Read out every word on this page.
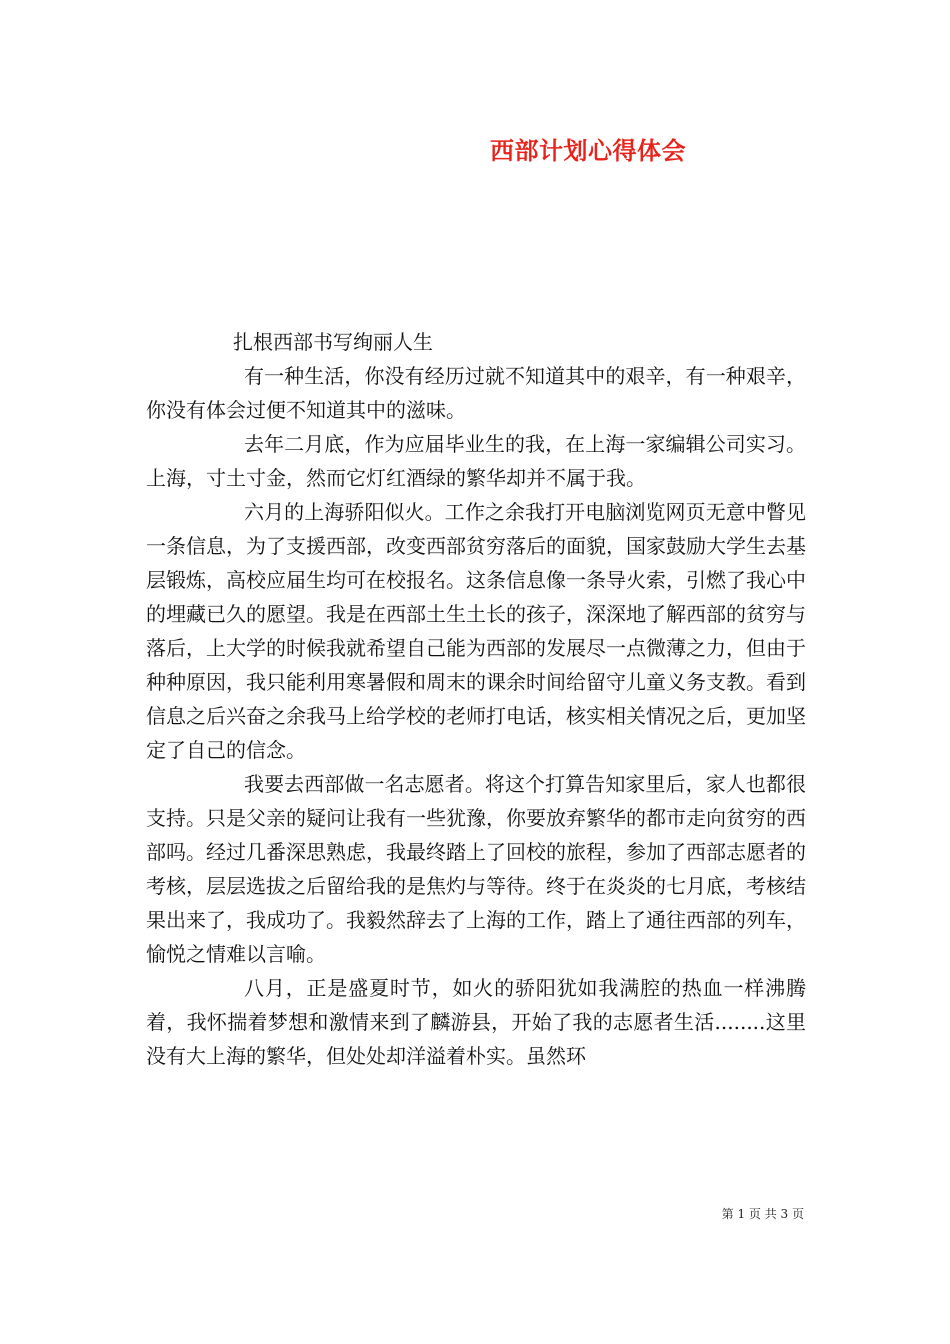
西部计划心得体会

扎根西部书写绚丽人生

有一种生活，你没有经历过就不知道其中的艰辛，有一种艰辛，你没有体会过便不知道其中的滋味。

去年二月底，作为应届毕业生的我，在上海一家编辑公司实习。上海，寸土寸金，然而它灯红酒绿的繁华却并不属于我。

六月的上海骄阳似火。工作之余我打开电脑浏览网页无意中瞥见一条信息，为了支援西部，改变西部贫穷落后的面貌，国家鼓励大学生去基层锻炼，高校应届生均可在校报名。这条信息像一条导火索，引燃了我心中的埋藏已久的愿望。我是在西部土生土长的孩子，深深地了解西部的贫穷与落后，上大学的时候我就希望自己能为西部的发展尽一点微薄之力，但由于种种原因，我只能利用寒暑假和周末的课余时间给留守儿童义务支教。看到信息之后兴奋之余我马上给学校的老师打电话，核实相关情况之后，更加坚定了自己的信念。

我要去西部做一名志愿者。将这个打算告知家里后，家人也都很支持。只是父亲的疑问让我有一些犹豫，你要放弃繁华的都市走向贫穷的西部吗。经过几番深思熟虑，我最终踏上了回校的旅程，参加了西部志愿者的考核，层层选拔之后留给我的是焦灼与等待。终于在炎炎的七月底，考核结果出来了，我成功了。我毅然辞去了上海的工作，踏上了通往西部的列车，愉悦之情难以言喻。

八月，正是盛夏时节，如火的骄阳犹如我满腔的热血一样沸腾着，我怀揣着梦想和激情来到了麟游县，开始了我的志愿者生活........这里没有大上海的繁华，但处处却洋溢着朴实。虽然环

第 1 页 共 3 页
